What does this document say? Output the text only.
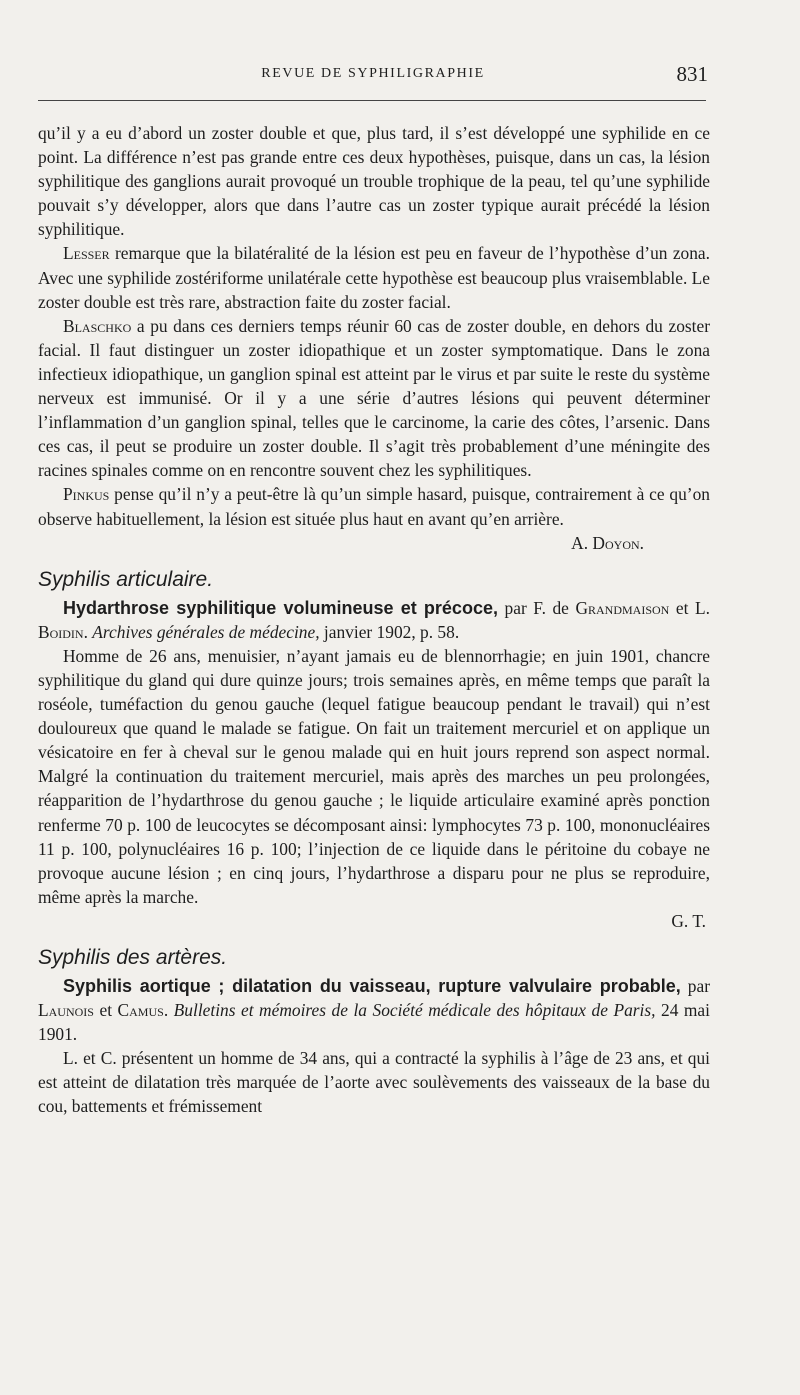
REVUE DE SYPHILIGRAPHIE	831

qu’il y a eu d’abord un zoster double et que, plus tard, il s’est développé une syphilide en ce point. La différence n’est pas grande entre ces deux hypothèses, puisque, dans un cas, la lésion syphilitique des ganglions aurait provoqué un trouble trophique de la peau, tel qu’une syphilide pouvait s’y développer, alors que dans l’autre cas un zoster typique aurait précédé la lésion syphilitique.

Lesser remarque que la bilatéralité de la lésion est peu en faveur de l’hypothèse d’un zona. Avec une syphilide zostériforme unilatérale cette hypothèse est beaucoup plus vraisemblable. Le zoster double est très rare, abstraction faite du zoster facial.

Blaschko a pu dans ces derniers temps réunir 60 cas de zoster double, en dehors du zoster facial. Il faut distinguer un zoster idiopathique et un zoster symptomatique. Dans le zona infectieux idiopathique, un ganglion spinal est atteint par le virus et par suite le reste du système nerveux est immunisé. Or il y a une série d’autres lésions qui peuvent déterminer l’inflammation d’un ganglion spinal, telles que le carcinome, la carie des côtes, l’arsenic. Dans ces cas, il peut se produire un zoster double. Il s’agit très probablement d’une méningite des racines spinales comme on en rencontre souvent chez les syphilitiques.

Pinkus pense qu’il n’y a peut-être là qu’un simple hasard, puisque, contrairement à ce qu’on observe habituellement, la lésion est située plus haut en avant qu’en arrière.

A. Doyon.

Syphilis articulaire.

Hydarthrose syphilitique volumineuse et précoce, par F. de Grandmaison et L. Boidin. Archives générales de médecine, janvier 1902, p. 58.

Homme de 26 ans, menuisier, n’ayant jamais eu de blennorrhagie; en juin 1901, chancre syphilitique du gland qui dure quinze jours; trois semaines après, en même temps que paraît la roséole, tuméfaction du genou gauche (lequel fatigue beaucoup pendant le travail) qui n’est douloureux que quand le malade se fatigue. On fait un traitement mercuriel et on applique un vésicatoire en fer à cheval sur le genou malade qui en huit jours reprend son aspect normal. Malgré la continuation du traitement mercuriel, mais après des marches un peu prolongées, réapparition de l’hydarthrose du genou gauche ; le liquide articulaire examiné après ponction renferme 70 p. 100 de leucocytes se décomposant ainsi: lymphocytes 73 p. 100, mononucléaires 11 p. 100, polynucléaires 16 p. 100; l’injection de ce liquide dans le péritoine du cobaye ne provoque aucune lésion ; en cinq jours, l’hydarthrose a disparu pour ne plus se reproduire, même après la marche.

G. T.

Syphilis des artères.

Syphilis aortique ; dilatation du vaisseau, rupture valvulaire probable, par Launois et Camus. Bulletins et mémoires de la Société médicale des hôpitaux de Paris, 24 mai 1901.

L. et C. présentent un homme de 34 ans, qui a contracté la syphilis à l’âge de 23 ans, et qui est atteint de dilatation très marquée de l’aorte avec soulèvements des vaisseaux de la base du cou, battements et frémissement
